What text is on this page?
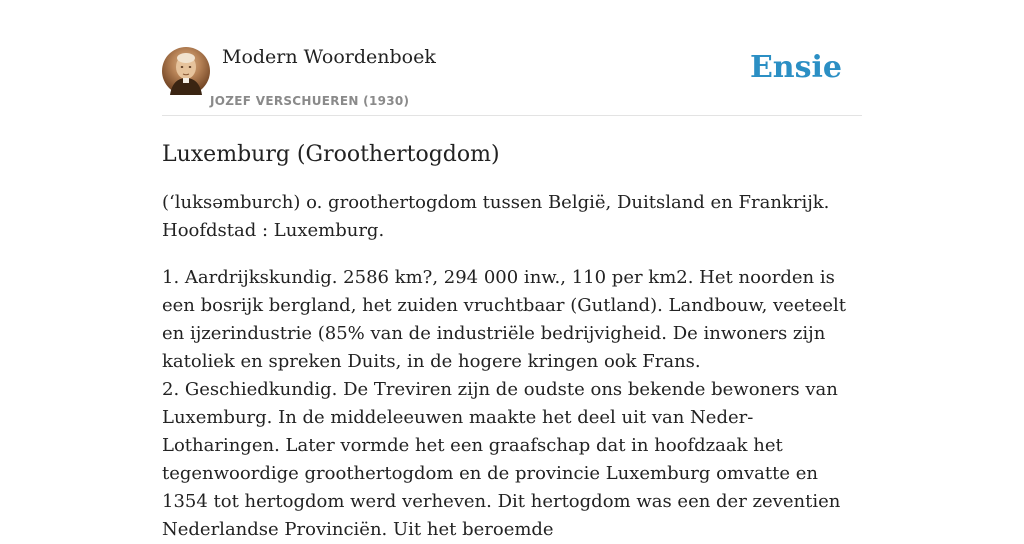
Modern Woordenboek
JOZEF VERSCHUEREN (1930)
Ensie
Luxemburg (Groothertogdom)

(ʻluksəmburch) o. groothertogdom tussen België, Duitsland en Frankrijk. Hoofdstad : Luxemburg.

1. Aardrijkskundig. 2586 km?, 294 000 inw., 110 per km2. Het noorden is een bosrijk bergland, het zuiden vruchtbaar (Gutland). Landbouw, veeteelt en ijzerindustrie (85% van de industriële bedrijvigheid. De inwoners zijn katoliek en spreken Duits, in de hogere kringen ook Frans.
2. Geschiedkundig. De Treviren zijn de oudste ons bekende bewoners van Luxemburg. In de middeleeuwen maakte het deel uit van Neder-Lotharingen. Later vormde het een graafschap dat in hoofdzaak het tegenwoordige groothertogdom en de provincie Luxemburg omvatte en 1354 tot hertogdom werd verheven. Dit hertogdom was een der zeventien Nederlandse Provinciën. Uit het beroemde
